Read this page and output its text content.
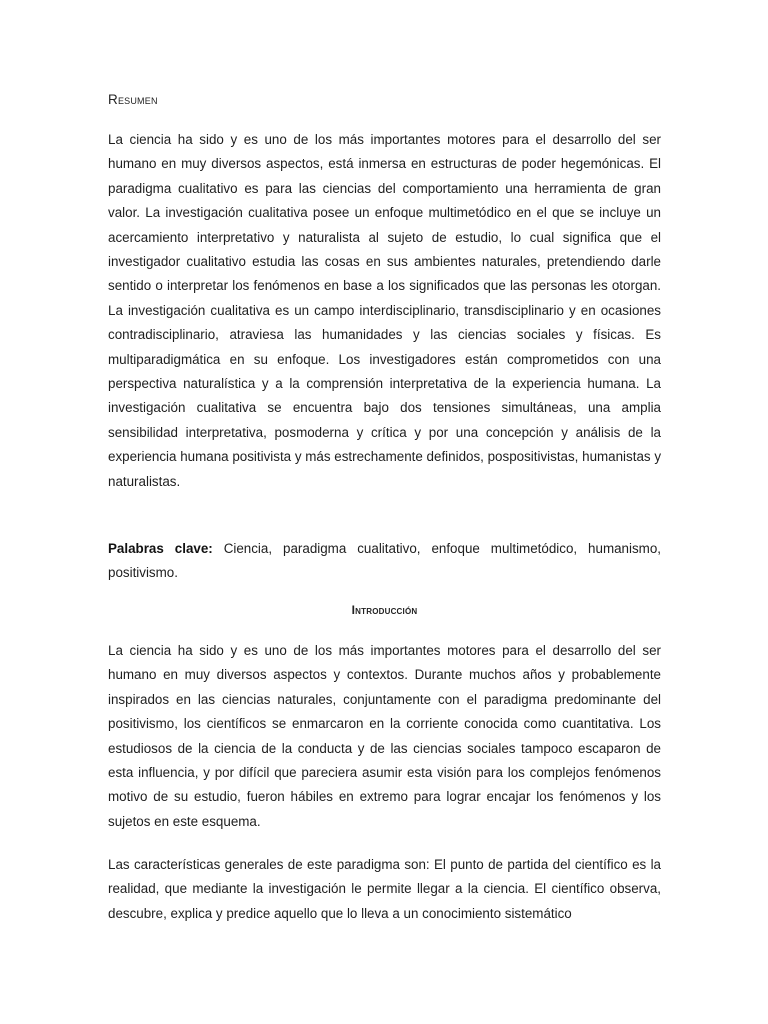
Resumen

La ciencia ha sido y es uno de los más importantes motores para el desarrollo del ser humano en muy diversos aspectos, está inmersa en estructuras de poder hegemónicas. El paradigma cualitativo es para las ciencias del comportamiento una herramienta de gran valor. La investigación cualitativa posee un enfoque multimetódico en el que se incluye un acercamiento interpretativo y naturalista al sujeto de estudio, lo cual significa que el investigador cualitativo estudia las cosas en sus ambientes naturales, pretendiendo darle sentido o interpretar los fenómenos en base a los significados que las personas les otorgan. La investigación cualitativa es un campo interdisciplinario, transdisciplinario y en ocasiones contradisciplinario, atraviesa las humanidades y las ciencias sociales y físicas. Es multiparadigmática en su enfoque. Los investigadores están comprometidos con una perspectiva naturalística y a la comprensión interpretativa de la experiencia humana. La investigación cualitativa se encuentra bajo dos tensiones simultáneas, una amplia sensibilidad interpretativa, posmoderna y crítica y por una concepción y análisis de la experiencia humana positivista y más estrechamente definidos, pospositivistas, humanistas y naturalistas.

Palabras clave: Ciencia, paradigma cualitativo, enfoque multimetódico, humanismo, positivismo.

Introducción

La ciencia ha sido y es uno de los más importantes motores para el desarrollo del ser humano en muy diversos aspectos y contextos. Durante muchos años y probablemente inspirados en las ciencias naturales, conjuntamente con el paradigma predominante del positivismo, los científicos se enmarcaron en la corriente conocida como cuantitativa. Los estudiosos de la ciencia de la conducta y de las ciencias sociales tampoco escaparon de esta influencia, y por difícil que pareciera asumir esta visión para los complejos fenómenos motivo de su estudio, fueron hábiles en extremo para lograr encajar los fenómenos y los sujetos en este esquema.

Las características generales de este paradigma son: El punto de partida del científico es la realidad, que mediante la investigación le permite llegar a la ciencia. El científico observa, descubre, explica y predice aquello que lo lleva a un conocimiento sistemático
